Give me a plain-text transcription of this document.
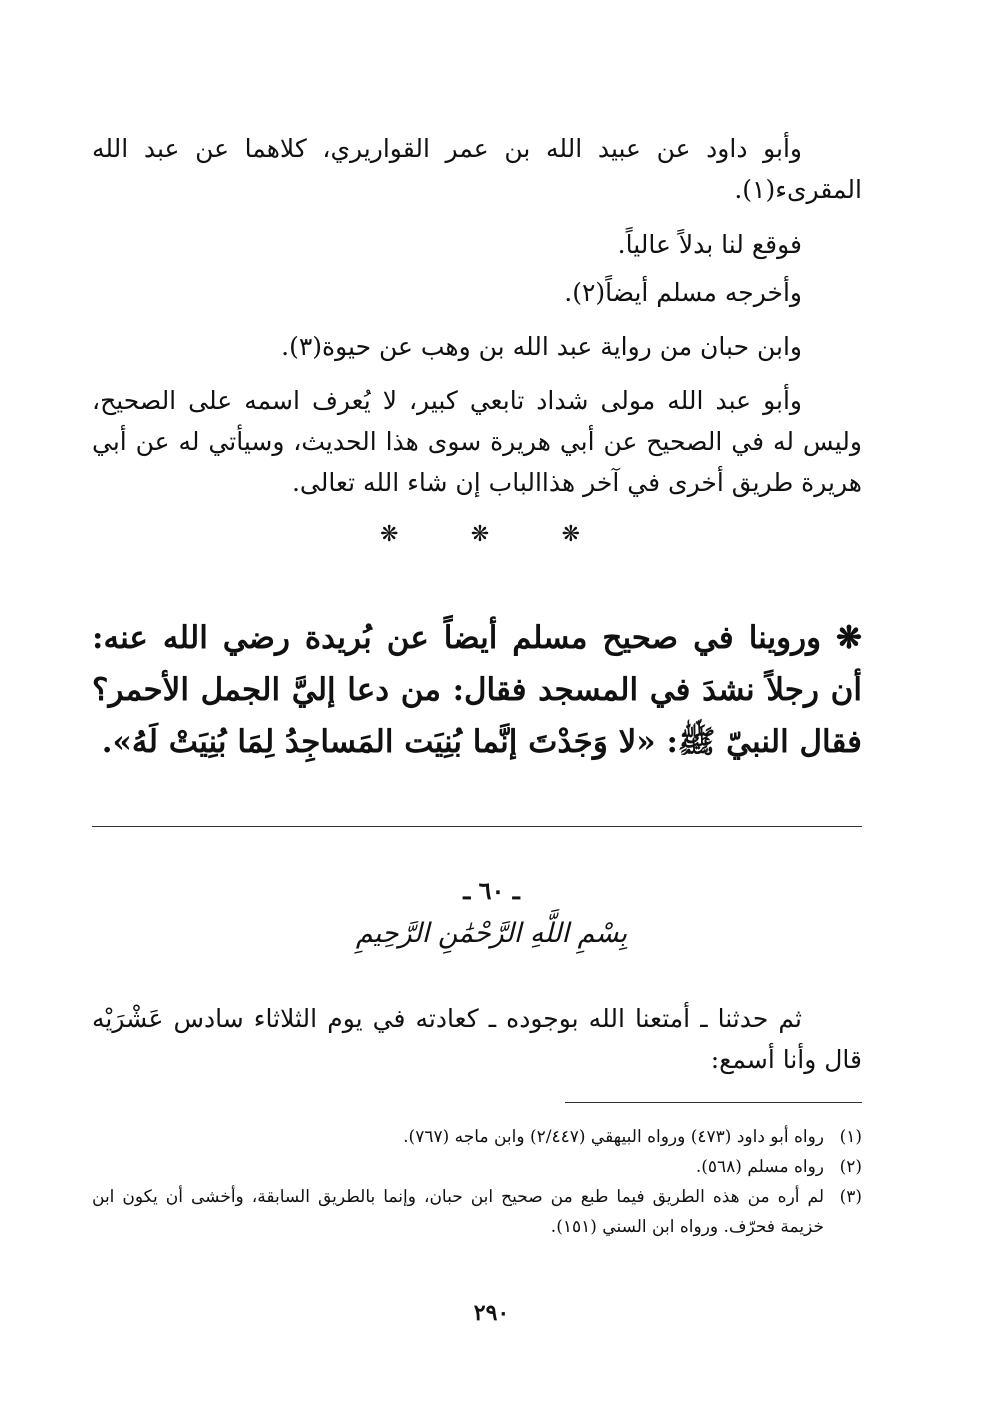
وأبو داود عن عبيد الله بن عمر القواريري، كلاهما عن عبد الله المقرىء(١).

فوقع لنا بدلاً عالياً.

وأخرجه مسلم أيضاً(٢).

وابن حبان من رواية عبد الله بن وهب عن حيوة(٣).

وأبو عبد الله مولى شداد تابعي كبير، لا يُعرف اسمه على الصحيح، وليس له في الصحيح عن أبي هريرة سوى هذا الحديث، وسيأتي له عن أبي هريرة طريق أخرى في آخر هذاالباب إن شاء الله تعالى.

❋	❋	❋

❋ وروينا في صحيح مسلم أيضاً عن بُريدة رضي الله عنه: أن رجلاً نشدَ في المسجد فقال: من دعا إليَّ الجمل الأحمر؟ فقال النبيّ ﷺ: «لا وَجَدْتَ إنَّما بُنِيَت المَساجِدُ لِمَا بُنِيَتْ لَهُ».

ـ ٦٠ ـ
بِسْمِ اللَّهِ الرَّحْمَٰنِ الرَّحِيمِ

ثم حدثنا ـ أمتعنا الله بوجوده ـ كعادته في يوم الثلاثاء سادس عَشْرَيْه قال وأنا أسمع:

(١)
رواه أبو داود (٤٧٣) ورواه البيهقي (٢/٤٤٧) وابن ماجه (٧٦٧).
(٢)
رواه مسلم (٥٦٨).
(٣)
لم أره من هذه الطريق فيما طبع من صحيح ابن حبان، وإنما بالطريق السابقة، وأخشى أن يكون ابن خزيمة فحرّف. ورواه ابن السني (١٥١).
٢٩٠
